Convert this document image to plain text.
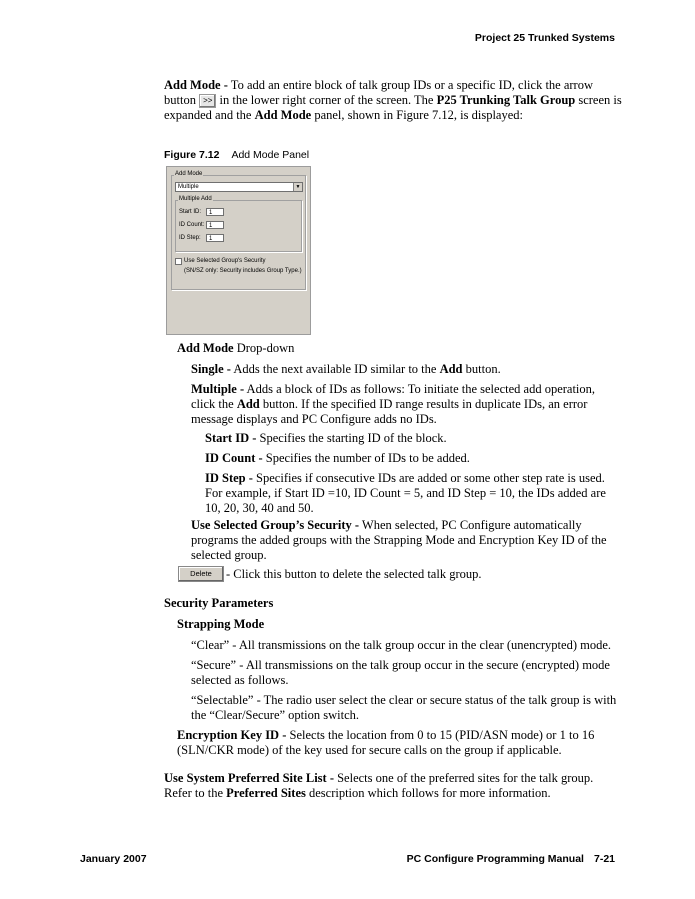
Project 25 Trunked Systems

Add Mode - To add an entire block of talk group IDs or a specific ID, click the arrow button >> in the lower right corner of the screen. The P25 Trunking Talk Group screen is expanded and the Add Mode panel, shown in Figure 7.12, is displayed:

Figure 7.12 Add Mode Panel
Add Mode
Multiple	▼
Multiple Add
Start ID:	1
ID Count: 1
ID Step:	1
Use Selected Group's Security
(SN/SZ only: Security includes Group Type.)
Add Mode Drop-down
Single - Adds the next available ID similar to the Add button.
Multiple - Adds a block of IDs as follows: To initiate the selected add operation, click the Add button. If the specified ID range results in duplicate IDs, an error message displays and PC Configure adds no IDs.
Start ID - Specifies the starting ID of the block.
ID Count - Specifies the number of IDs to be added.
ID Step - Specifies if consecutive IDs are added or some other step rate is used. For example, if Start ID =10, ID Count = 5, and ID Step = 10, the IDs added are 10, 20, 30, 40 and 50.
Use Selected Group’s Security - When selected, PC Configure automatically programs the added groups with the Strapping Mode and Encryption Key ID of the selected group.
Delete	- Click this button to delete the selected talk group.
Security Parameters
Strapping Mode
“Clear” - All transmissions on the talk group occur in the clear (unencrypted) mode.
“Secure” - All transmissions on the talk group occur in the secure (encrypted) mode selected as follows.
“Selectable” - The radio user select the clear or secure status of the talk group is with the “Clear/Secure” option switch.
Encryption Key ID - Selects the location from 0 to 15 (PID/ASN mode) or 1 to 16 (SLN/CKR mode) of the key used for secure calls on the group if applicable.
Use System Preferred Site List - Selects one of the preferred sites for the talk group. Refer to the Preferred Sites description which follows for more information.
January 2007	PC Configure Programming Manual 7-21
